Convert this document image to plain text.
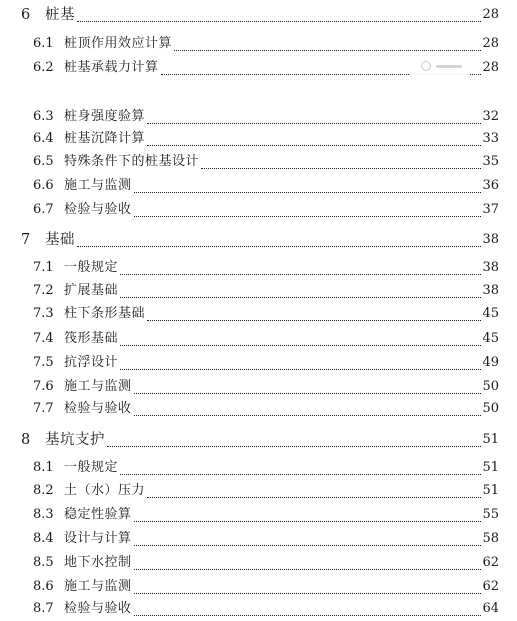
6 桩基	28
6.1 桩顶作用效应计算	28
6.2 桩基承载力计算	28
6.3 桩身强度验算	32
6.4 桩基沉降计算	33
6.5 特殊条件下的桩基设计	35
6.6 施工与监测	36
6.7 检验与验收	37
7 基础	38
7.1 一般规定	38
7.2 扩展基础	38
7.3 柱下条形基础	45
7.4 筏形基础	45
7.5 抗浮设计	49
7.6 施工与监测	50
7.7 检验与验收	50
8 基坑支护	51
8.1 一般规定	51
8.2 土（水）压力	51
8.3 稳定性验算	55
8.4 设计与计算	58
8.5 地下水控制	62
8.6 施工与监测	62
8.7 检验与验收	64
